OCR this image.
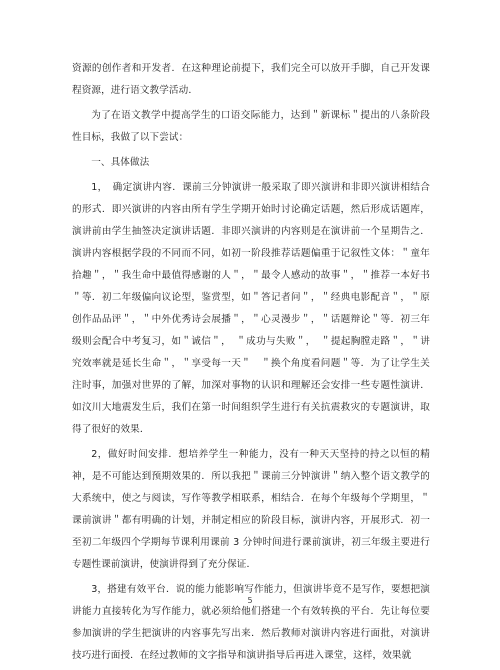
资源的创作者和开发者．在这种理论前提下，我们完全可以放开手脚，自己开发课程资源，进行语文教学活动．

为了在语文教学中提高学生的口语交际能力，达到＂新课标＂提出的八条阶段性目标，我做了以下尝试：

一、具体做法

1，　确定演讲内容．课前三分钟演讲一般采取了即兴演讲和非即兴演讲相结合的形式．即兴演讲的内容由所有学生学期开始时讨论确定话题，然后形成话题库，演讲前由学生抽签决定演讲话题．非即兴演讲的内容则是在演讲前一个星期告之．演讲内容根据学段的不同而不同，如初一阶段推荐话题偏重于记叙性文体：＂童年拾趣＂，＂我生命中最值得感谢的人＂，＂最令人感动的故事＂，＂推荐一本好书＂等．初二年级偏向议论型，鉴赏型，如＂答记者问＂，＂经典电影配音＂，＂原创作品品评＂，＂中外优秀诗会展播＂，＂心灵漫步＂，＂话题辩论＂等．初三年级则会配合中考复习，如＂诚信＂，　＂成功与失败＂，　＂提起胸膛走路＂，＂讲究效率就是延长生命＂，＂享受每一天＂　＂换个角度看问题＂等．为了让学生关注时事，加强对世界的了解，加深对事物的认识和理解还会安排一些专题性演讲．如汶川大地震发生后，我们在第一时间组织学生进行有关抗震救灾的专题演讲，取得了很好的效果．

2，做好时间安排．想培养学生一种能力，没有一种天天坚持的持之以恒的精神，是不可能达到预期效果的．所以我把＂课前三分钟演讲＂纳入整个语文教学的大系统中，使之与阅读，写作等教学相联系，相结合．在每个年级每个学期里，＂课前演讲＂都有明确的计划，并制定相应的阶段目标，演讲内容，开展形式．初一至初二年级四个学期每节课利用课前 3 分钟时间进行课前演讲，初三年级主要进行专题性课前演讲，使演讲得到了充分保证．

3，搭建有效平台．说的能力能影响写作能力，但演讲毕竟不是写作，要想把演讲能力直接转化为写作能力，就必须给他们搭建一个有效转换的平台．先让每位要参加演讲的学生把演讲的内容事先写出来．然后教师对演讲内容进行面批，对演讲技巧进行面授．在经过教师的文字指导和演讲指导后再进入课堂，这样，效果就

5
